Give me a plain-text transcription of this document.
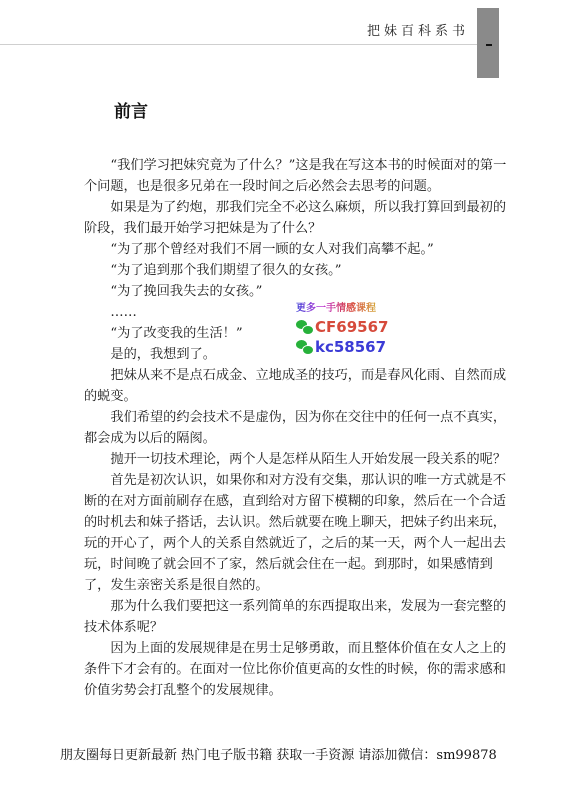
把妹百科系书
前言

“我们学习把妹究竟为了什么？”这是我在写这本书的时候面对的第一个问题，也是很多兄弟在一段时间之后必然会去思考的问题。

如果是为了约炮，那我们完全不必这么麻烦，所以我打算回到最初的阶段，我们最开始学习把妹是为了什么？

“为了那个曾经对我们不屑一顾的女人对我们高攀不起。”

“为了追到那个我们期望了很久的女孩。”

“为了挽回我失去的女孩。”

……

“为了改变我的生活！”

是的，我想到了。

把妹从来不是点石成金、立地成圣的技巧，而是春风化雨、自然而成的蜕变。

我们希望的约会技术不是虚伪，因为你在交往中的任何一点不真实，都会成为以后的隔阂。

抛开一切技术理论，两个人是怎样从陌生人开始发展一段关系的呢？

首先是初次认识，如果你和对方没有交集，那认识的唯一方式就是不断的在对方面前刷存在感，直到给对方留下模糊的印象，然后在一个合适的时机去和妹子搭话，去认识。然后就要在晚上聊天，把妹子约出来玩，玩的开心了，两个人的关系自然就近了，之后的某一天，两个人一起出去玩，时间晚了就会回不了家，然后就会住在一起。到那时，如果感情到了，发生亲密关系是很自然的。

那为什么我们要把这一系列简单的东西提取出来，发展为一套完整的技术体系呢？

因为上面的发展规律是在男士足够勇敢，而且整体价值在女人之上的条件下才会有的。在面对一位比你价值更高的女性的时候，你的需求感和价值劣势会打乱整个的发展规律。

更多一手情感课程
CF69567
kc58567
朋友圈每日更新最新 热门电子版书籍 获取一手资源 请添加微信：sm99878
